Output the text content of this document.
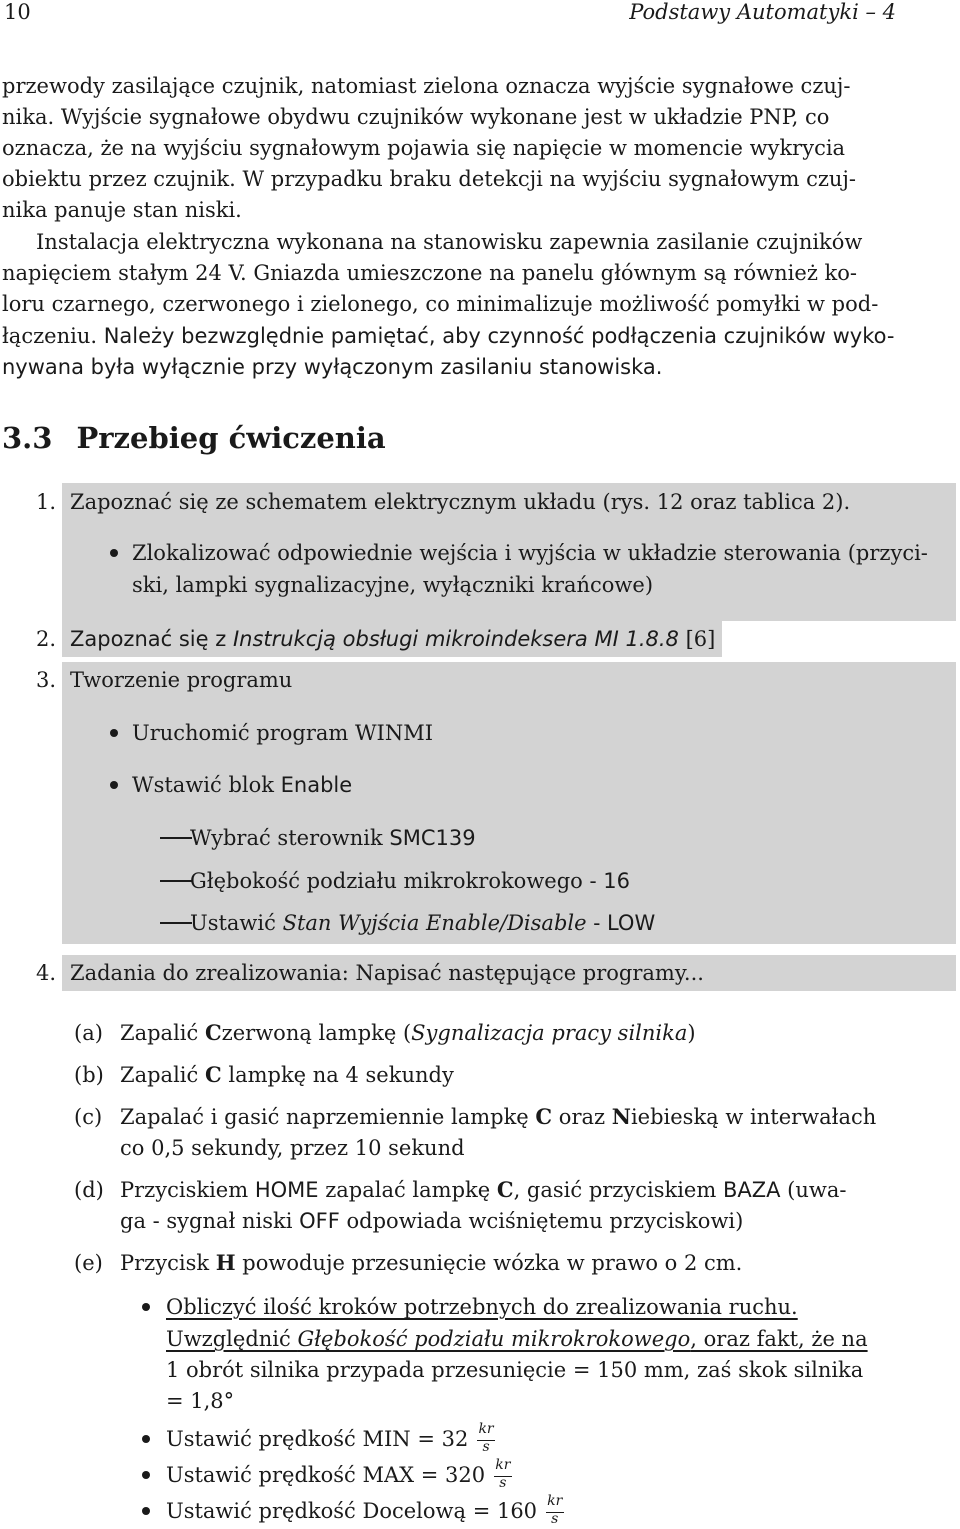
10	Podstawy Automatyki – 4
przewody zasilające czujnik, natomiast zielona oznacza wyjście sygnałowe czuj-
nika. Wyjście sygnałowe obydwu czujników wykonane jest w układzie PNP, co
oznacza, że na wyjściu sygnałowym pojawia się napięcie w momencie wykrycia
obiektu przez czujnik. W przypadku braku detekcji na wyjściu sygnałowym czuj-
nika panuje stan niski.
Instalacja elektryczna wykonana na stanowisku zapewnia zasilanie czujników
napięciem stałym 24 V. Gniazda umieszczone na panelu głównym są również ko-
loru czarnego, czerwonego i zielonego, co minimalizuje możliwość pomyłki w pod-
łączeniu. Należy bezwzględnie pamiętać, aby czynność podłączenia czujników wyko-
nywana była wyłącznie przy wyłączonym zasilaniu stanowiska.
3.3 Przebieg ćwiczenia
1. Zapoznać się ze schematem elektrycznym układu (rys. 12 oraz tablica 2).
Zlokalizować odpowiednie wejścia i wyjścia w układzie sterowania (przyci-
ski, lampki sygnalizacyjne, wyłączniki krańcowe)
2. Zapoznać się z Instrukcją obsługi mikroindeksera MI 1.8.8 [6]
3. Tworzenie programu
Uruchomić program WINMI
Wstawić blok Enable
Wybrać sterownik SMC139
Głębokość podziału mikrokrokowego - 16
Ustawić Stan Wyjścia Enable/Disable - LOW
4. Zadania do zrealizowania: Napisać następujące programy...
(a) Zapalić Czerwoną lampkę (Sygnalizacja pracy silnika)
(b) Zapalić C lampkę na 4 sekundy
(c) Zapalać i gasić naprzemiennie lampkę C oraz Niebieską w interwałach
co 0,5 sekundy, przez 10 sekund
(d) Przyciskiem HOME zapalać lampkę C, gasić przyciskiem BAZA (uwa-
ga - sygnał niski OFF odpowiada wciśniętemu przyciskowi)
(e) Przycisk H powoduje przesunięcie wózka w prawo o 2 cm.
Obliczyć ilość kroków potrzebnych do zrealizowania ruchu.
Uwzględnić Głębokość podziału mikrokrokowego, oraz fakt, że na
1 obrót silnika przypada przesunięcie = 150 mm, zaś skok silnika
= 1,8°
Ustawić prędkość MIN = $32 \frac{kr}{s}$
Ustawić prędkość MAX = $320 \frac{kr}{s}$
Ustawić prędkość Docelową = $160 \frac{kr}{s}$
